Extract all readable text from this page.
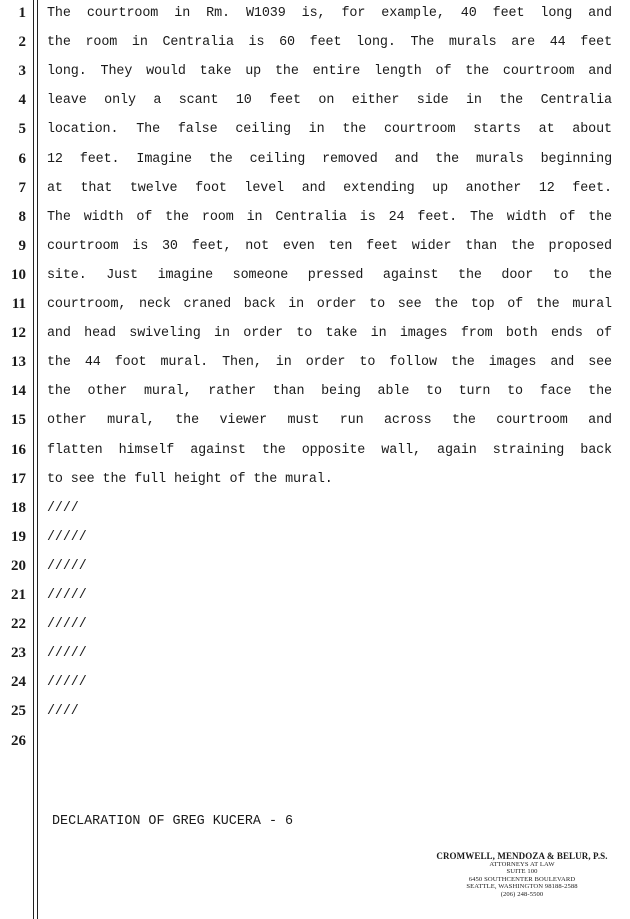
1
2
3
4
5
6
7
8
9
10
11
12
13
14
15
16
17
18
19
20
21
22
23
24
25
26
The courtroom in Rm. W1039 is, for example, 40 feet long and
the room in Centralia is 60 feet long. The murals are 44 feet
long. They would take up the entire length of the courtroom and
leave only a scant 10 feet on either side in the Centralia
location. The false ceiling in the courtroom starts at about
12 feet. Imagine the ceiling removed and the murals beginning
at that twelve foot level and extending up another 12 feet.
The width of the room in Centralia is 24 feet. The width of the
courtroom is 30 feet, not even ten feet wider than the proposed
site. Just imagine someone pressed against the door to the
courtroom, neck craned back in order to see the top of the mural
and head swiveling in order to take in images from both ends of
the 44 foot mural. Then, in order to follow the images and see
the other mural, rather than being able to turn to face the
other mural, the viewer must run across the courtroom and
flatten himself against the opposite wall, again straining back
to see the full height of the mural.
////
/////
/////
/////
/////
/////
/////
////
DECLARATION OF GREG KUCERA - 6
CROMWELL, MENDOZA & BELUR, P.S.
ATTORNEYS AT LAW
SUITE 100
6450 SOUTHCENTER BOULEVARD
SEATTLE, WASHINGTON 98188-2588
(206) 248-5500
